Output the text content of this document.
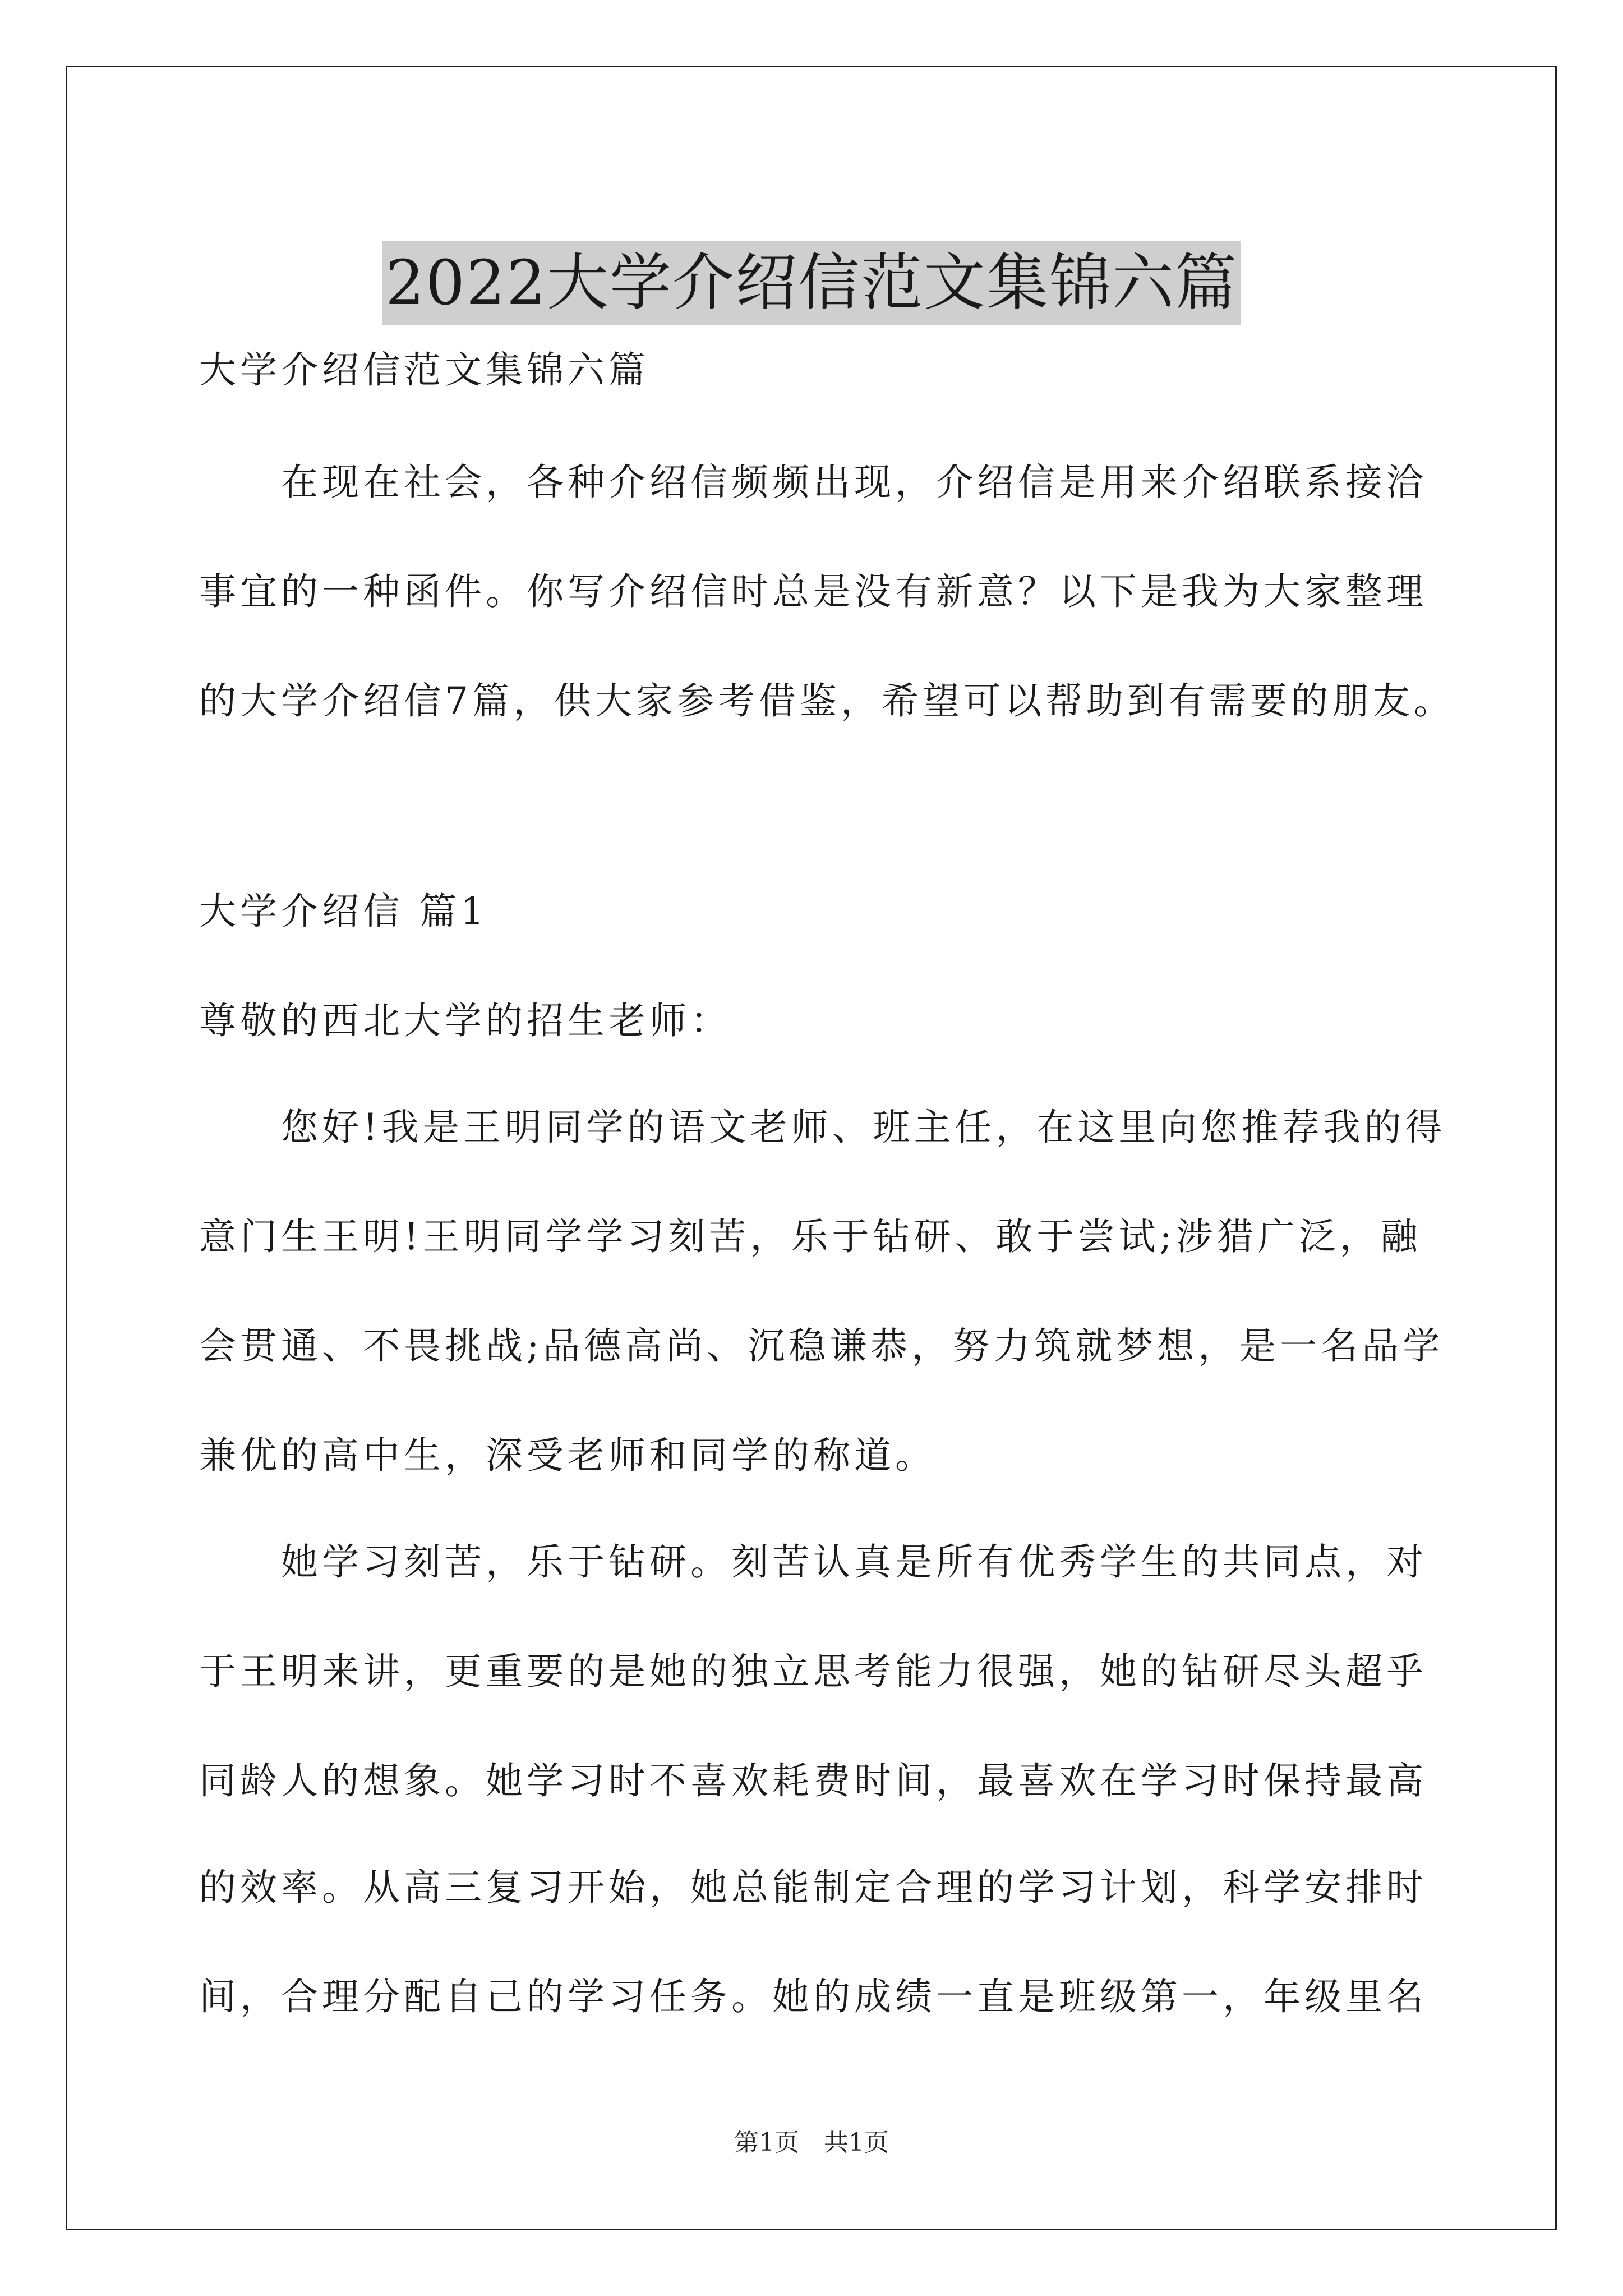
2022大学介绍信范文集锦六篇
大学介绍信范文集锦六篇
　　在现在社会，各种介绍信频频出现，介绍信是用来介绍联系接洽
事宜的一种函件。你写介绍信时总是没有新意？以下是我为大家整理
的大学介绍信7篇，供大家参考借鉴，希望可以帮助到有需要的朋友。
大学介绍信 篇1
尊敬的西北大学的招生老师：
　　您好!我是王明同学的语文老师、班主任，在这里向您推荐我的得
意门生王明!王明同学学习刻苦，乐于钻研、敢于尝试;涉猎广泛，融
会贯通、不畏挑战;品德高尚、沉稳谦恭，努力筑就梦想，是一名品学
兼优的高中生，深受老师和同学的称道。
　　她学习刻苦，乐于钻研。刻苦认真是所有优秀学生的共同点，对
于王明来讲，更重要的是她的独立思考能力很强，她的钻研尽头超乎
同龄人的想象。她学习时不喜欢耗费时间，最喜欢在学习时保持最高
的效率。从高三复习开始，她总能制定合理的学习计划，科学安排时
间，合理分配自己的学习任务。她的成绩一直是班级第一，年级里名
第1页　共1页
